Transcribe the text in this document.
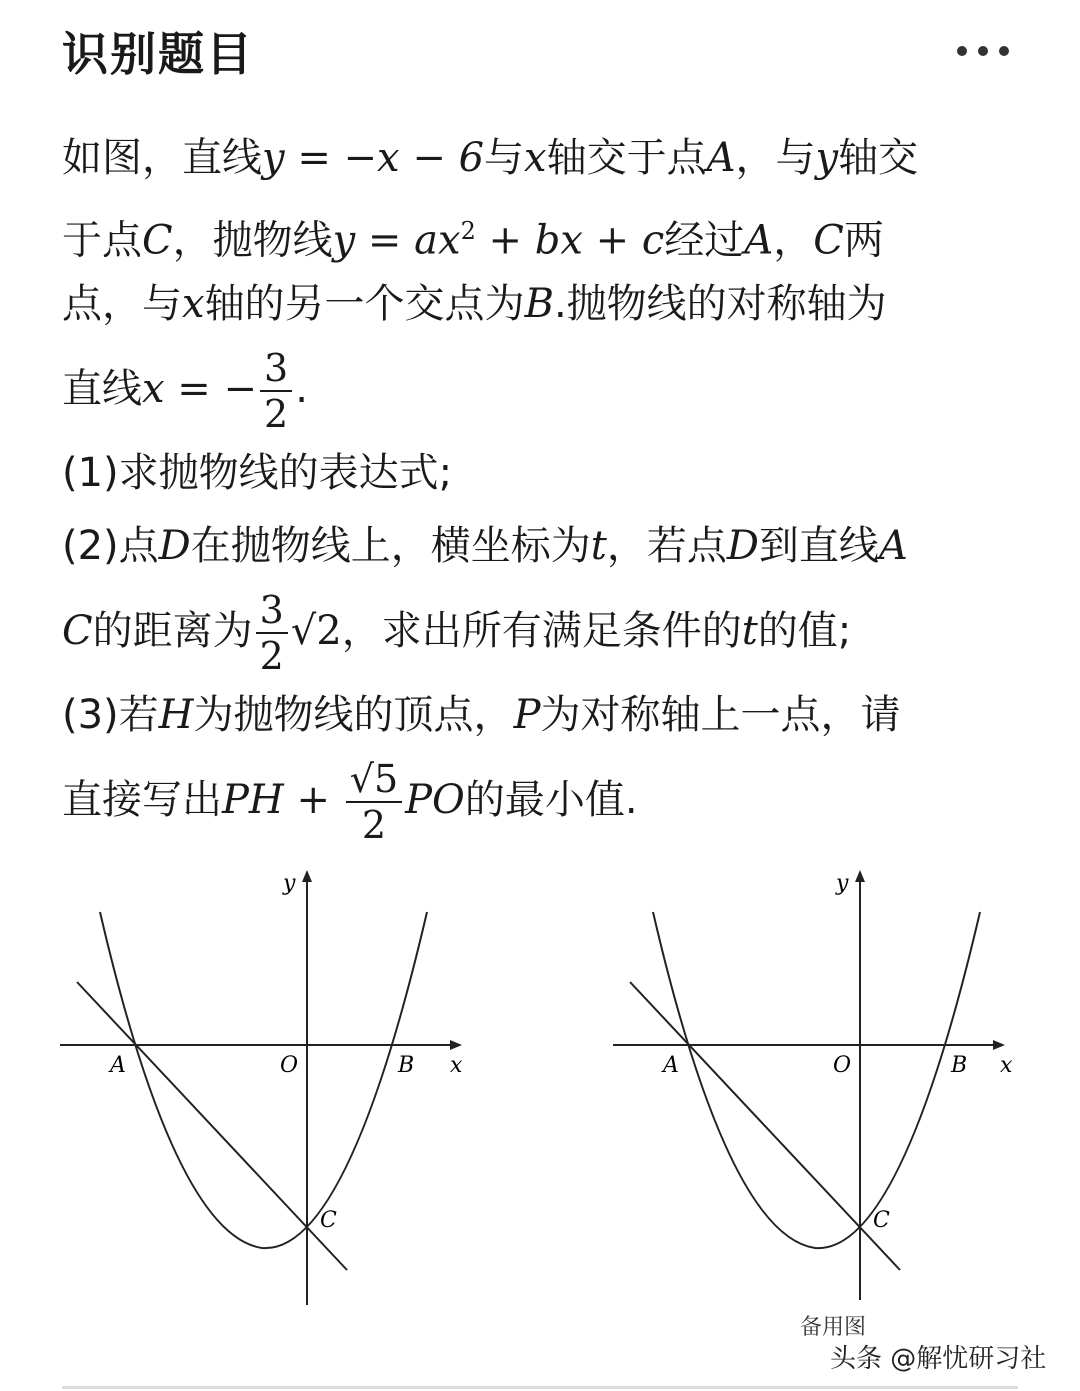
识别题目
如图，直线y = −x − 6与x轴交于点A，与y轴交
于点C，抛物线$y = ax^2$ + bx + c经过A，C两
点，与x轴的另一个交点为B.抛物线的对称轴为
直线x = − $\frac{3}{2}$ .
(1)求抛物线的表达式;
(2)点D在抛物线上，横坐标为t，若点D到直线A
C的距离为 $\frac{3}{2} √2$，求出所有满足条件的t的值;
(3)若H为抛物线的顶点，P为对称轴上一点，请
直接写出PH + $\frac{√5}{2}$ PO的最小值.
y
x
A	O	B
C
y
x
A	O	B
C
备用图
头条 @解忧研习社
